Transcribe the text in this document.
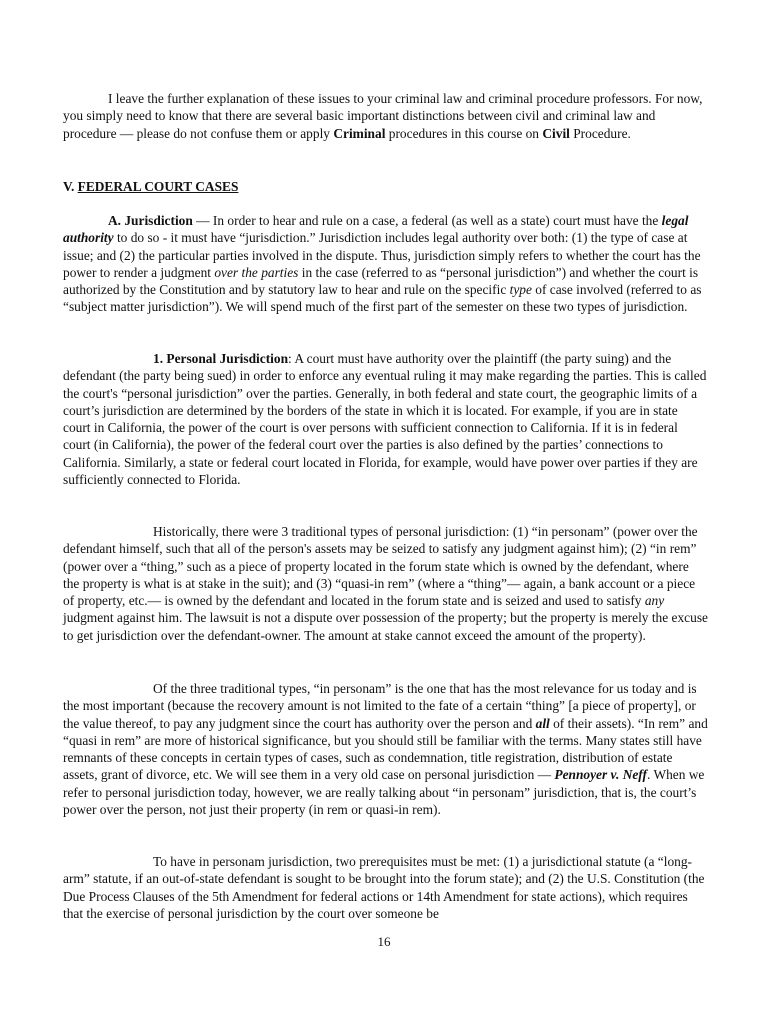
I leave the further explanation of these issues to your criminal law and criminal procedure professors. For now, you simply need to know that there are several basic important distinctions between civil and criminal law and procedure — please do not confuse them or apply Criminal procedures in this course on Civil Procedure.

V. FEDERAL COURT CASES

A. Jurisdiction — In order to hear and rule on a case, a federal (as well as a state) court must have the legal authority to do so - it must have “jurisdiction.” Jurisdiction includes legal authority over both: (1) the type of case at issue; and (2) the particular parties involved in the dispute. Thus, jurisdiction simply refers to whether the court has the power to render a judgment over the parties in the case (referred to as “personal jurisdiction”) and whether the court is authorized by the Constitution and by statutory law to hear and rule on the specific type of case involved (referred to as “subject matter jurisdiction”). We will spend much of the first part of the semester on these two types of jurisdiction.

1. Personal Jurisdiction: A court must have authority over the plaintiff (the party suing) and the defendant (the party being sued) in order to enforce any eventual ruling it may make regarding the parties. This is called the court's “personal jurisdiction” over the parties. Generally, in both federal and state court, the geographic limits of a court’s jurisdiction are determined by the borders of the state in which it is located. For example, if you are in state court in California, the power of the court is over persons with sufficient connection to California. If it is in federal court (in California), the power of the federal court over the parties is also defined by the parties’ connections to California. Similarly, a state or federal court located in Florida, for example, would have power over parties if they are sufficiently connected to Florida.

Historically, there were 3 traditional types of personal jurisdiction: (1) “in personam” (power over the defendant himself, such that all of the person's assets may be seized to satisfy any judgment against him); (2) “in rem” (power over a “thing,” such as a piece of property located in the forum state which is owned by the defendant, where the property is what is at stake in the suit); and (3) “quasi-in rem” (where a “thing”— again, a bank account or a piece of property, etc.— is owned by the defendant and located in the forum state and is seized and used to satisfy any judgment against him. The lawsuit is not a dispute over possession of the property; but the property is merely the excuse to get jurisdiction over the defendant-owner. The amount at stake cannot exceed the amount of the property).

Of the three traditional types, “in personam” is the one that has the most relevance for us today and is the most important (because the recovery amount is not limited to the fate of a certain “thing” [a piece of property], or the value thereof, to pay any judgment since the court has authority over the person and all of their assets). “In rem” and “quasi in rem” are more of historical significance, but you should still be familiar with the terms. Many states still have remnants of these concepts in certain types of cases, such as condemnation, title registration, distribution of estate assets, grant of divorce, etc. We will see them in a very old case on personal jurisdiction — Pennoyer v. Neff. When we refer to personal jurisdiction today, however, we are really talking about “in personam” jurisdiction, that is, the court’s power over the person, not just their property (in rem or quasi-in rem).

To have in personam jurisdiction, two prerequisites must be met: (1) a jurisdictional statute (a “long-arm” statute, if an out-of-state defendant is sought to be brought into the forum state); and (2) the U.S. Constitution (the Due Process Clauses of the 5th Amendment for federal actions or 14th Amendment for state actions), which requires that the exercise of personal jurisdiction by the court over someone be

16
